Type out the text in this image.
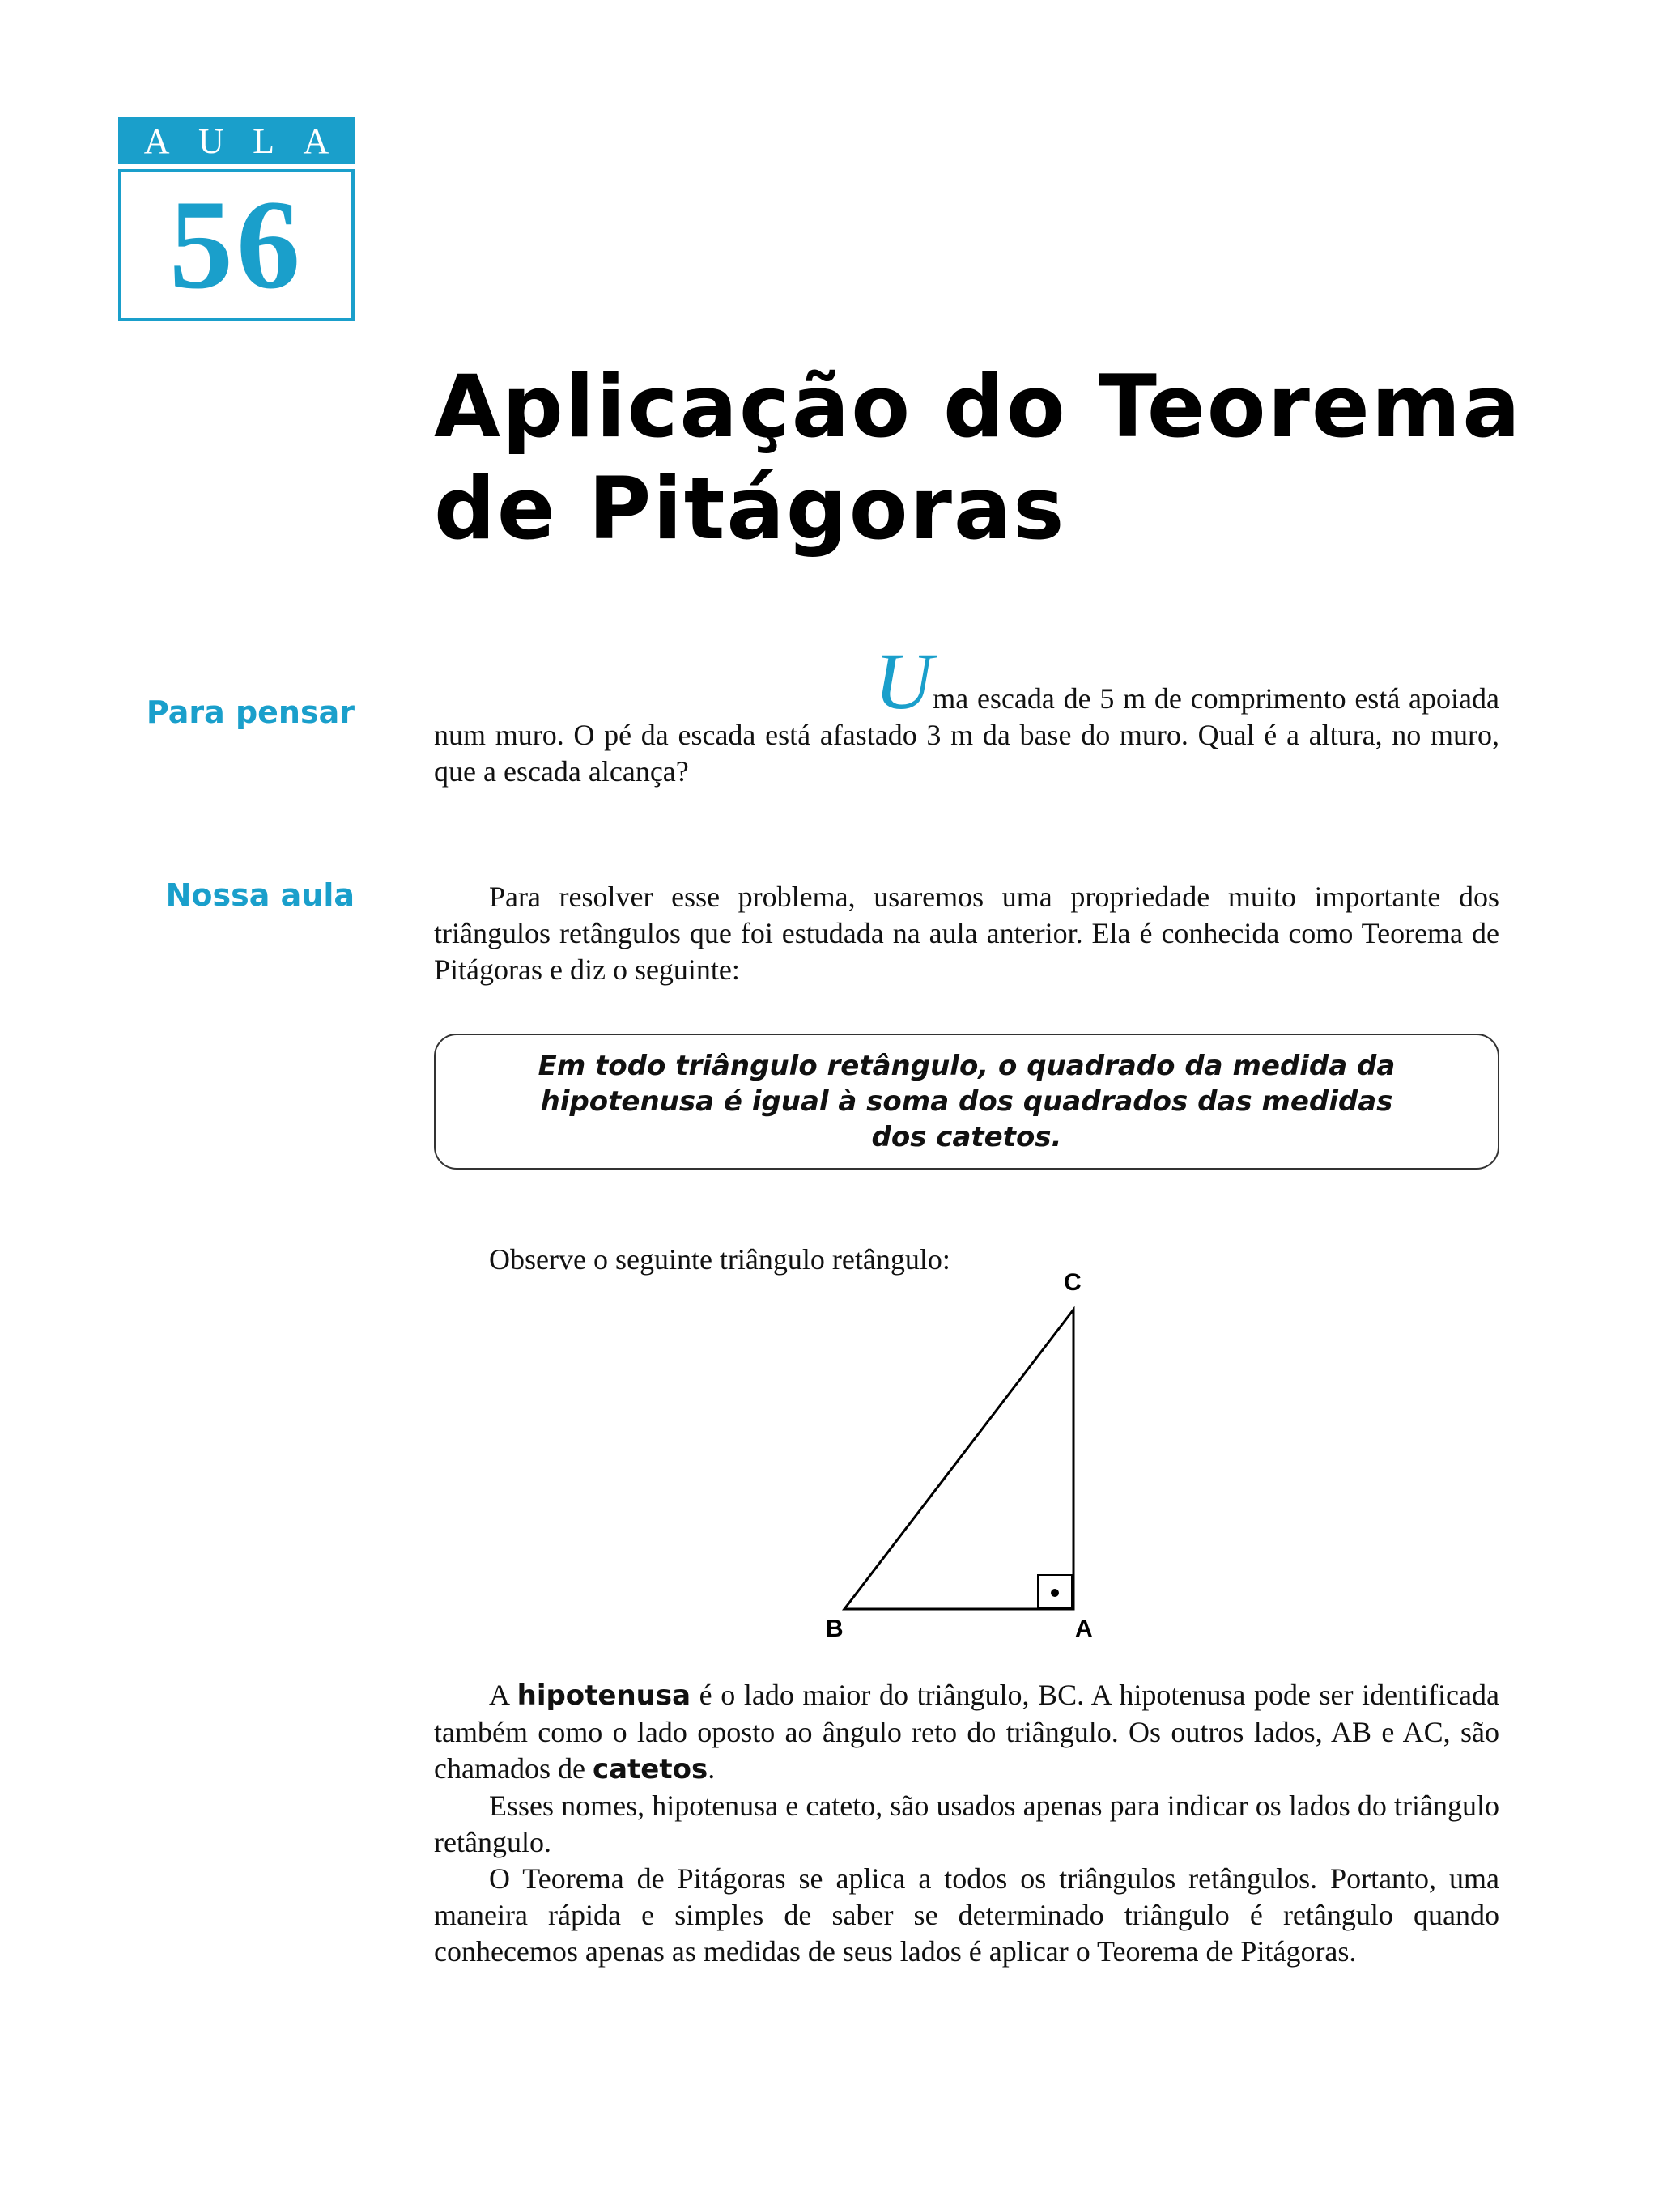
A U L A
56
Aplicação do Teorema
de Pitágoras
Para pensar	Uma escada de 5 m de comprimento está apoiada num muro. O pé da escada está afastado 3 m da base do muro. Qual é a altura, no muro, que a escada alcança?

Nossa aula	Para resolver esse problema, usaremos uma propriedade muito importante dos triângulos retângulos que foi estudada na aula anterior. Ela é conhecida como Teorema de Pitágoras e diz o seguinte:

Em todo triângulo retângulo, o quadrado da medida da hipotenusa é igual à soma dos quadrados das medidas dos catetos.

Observe o seguinte triângulo retângulo:

C
B	A

A hipotenusa é o lado maior do triângulo, BC. A hipotenusa pode ser identificada também como o lado oposto ao ângulo reto do triângulo. Os outros lados, AB e AC, são chamados de catetos.

Esses nomes, hipotenusa e cateto, são usados apenas para indicar os lados do triângulo retângulo.

O Teorema de Pitágoras se aplica a todos os triângulos retângulos. Portanto, uma maneira rápida e simples de saber se determinado triângulo é retângulo quando conhecemos apenas as medidas de seus lados é aplicar o Teorema de Pitágoras.
